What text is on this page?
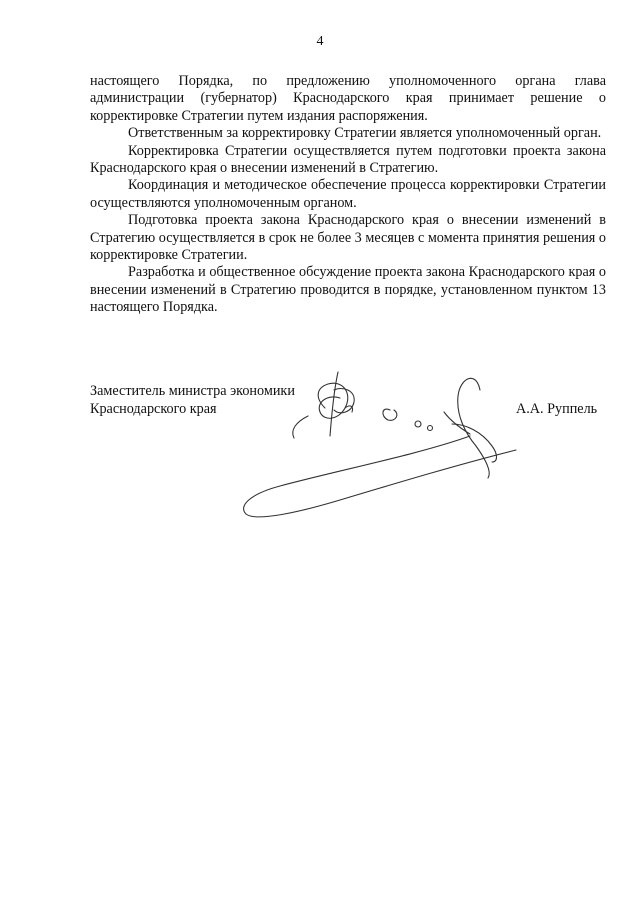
4

настоящего Порядка, по предложению уполномоченного органа глава администрации (губернатор) Краснодарского края принимает решение о корректировке Стратегии путем издания распоряжения.

Ответственным за корректировку Стратегии является уполномоченный орган.

Корректировка Стратегии осуществляется путем подготовки проекта закона Краснодарского края о внесении изменений в Стратегию.

Координация и методическое обеспечение процесса корректировки Стратегии осуществляются уполномоченным органом.

Подготовка проекта закона Краснодарского края о внесении изменений в Стратегию осуществляется в срок не более 3 месяцев с момента принятия решения о корректировке Стратегии.

Разработка и общественное обсуждение проекта закона Краснодарского края о внесении изменений в Стратегию проводится в порядке, установленном пунктом 13 настоящего Порядка.

Заместитель министра экономики
Краснодарского края	А.А. Руппель
